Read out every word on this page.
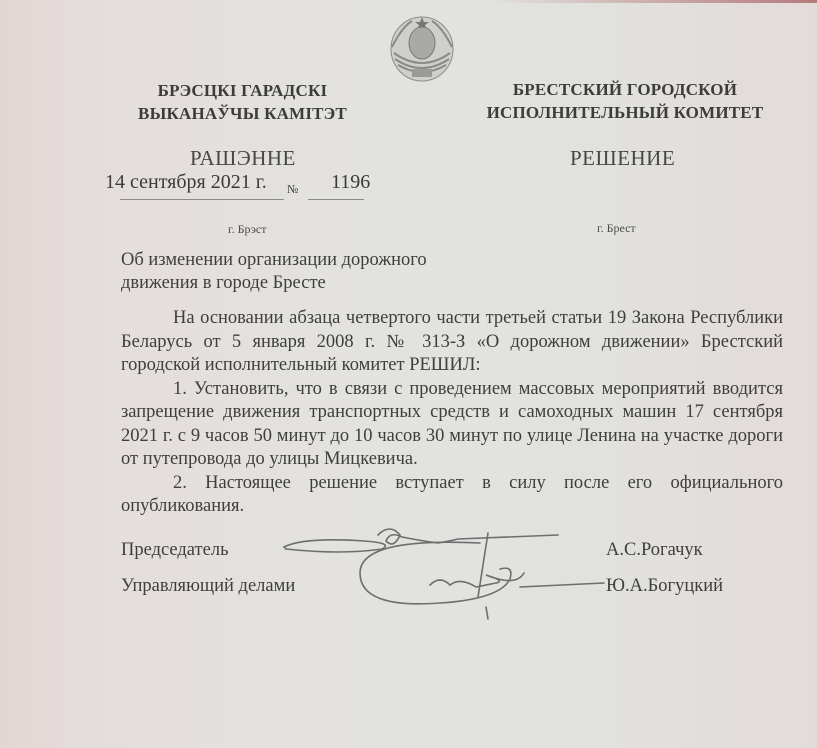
БРЭСЦКІ ГАРАДСКІ
ВЫКАНАЎЧЫ КАМІТЭТ
БРЕСТСКИЙ ГОРОДСКОЙ
ИСПОЛНИТЕЛЬНЫЙ КОМИТЕТ
РАШЭННЕ	РЕШЕНИЕ
14 сентября 2021 г. № 1196
г. Брэст	г. Брест
Об изменении организации дорожного
движения в городе Бресте

На основании абзаца четвертого части третьей статьи 19 Закона Республики Беларусь от 5 января 2008 г. № 313-З «О дорожном движении» Брестский городской исполнительный комитет РЕШИЛ:

1. Установить, что в связи с проведением массовых мероприятий вводится запрещение движения транспортных средств и самоходных машин 17 сентября 2021 г. с 9 часов 50 минут до 10 часов 30 минут по улице Ленина на участке дороги от путепровода до улицы Мицкевича.

2. Настоящее решение вступает в силу после его официального опубликования.

Председатель	А.С.Рогачук
Управляющий делами	Ю.А.Богуцкий
